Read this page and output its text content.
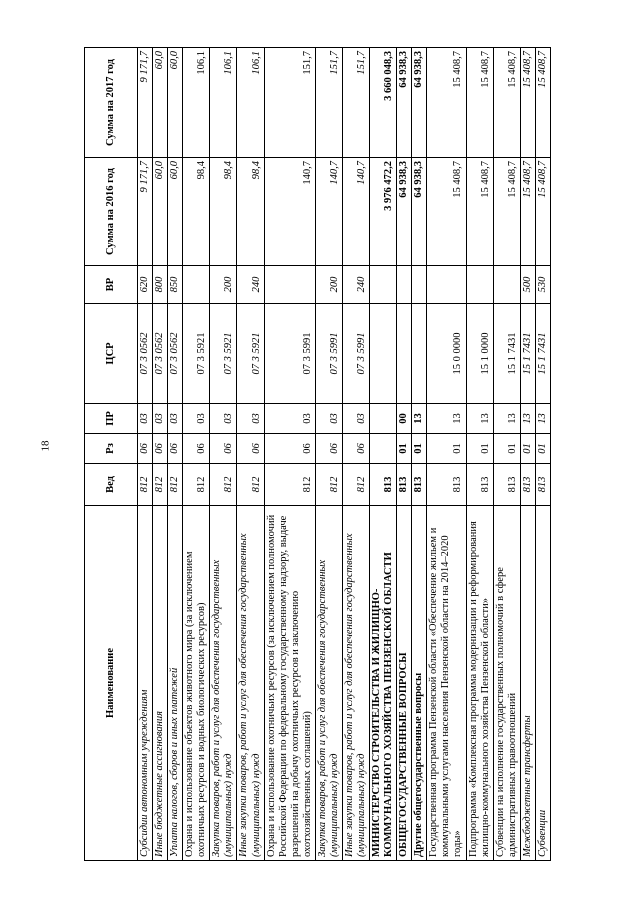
18
Наименование	Вед	Рз	ПР	ЦСР	ВР	Сумма на 2016 год	Сумма на 2017 год
Субсидии автономным учреждениям	812	06	03	07 3 0562	620	9 171,7	9 171,7
Иные бюджетные ассигнования	812	06	03	07 3 0562	800	60,0	60,0
Уплата налогов, сборов и иных платежей	812	06	03	07 3 0562	850	60,0	60,0
Охрана и использование объектов животного мира (за исключением охотничьих ресурсов и водных биологических ресурсов)	812	06	03	07 3 5921		98,4	106,1
Закупка товаров, работ и услуг для обеспечения государственных (муниципальных) нужд	812	06	03	07 3 5921	200	98,4	106,1
Иные закупки товаров, работ и услуг для обеспечения государственных (муниципальных) нужд	812	06	03	07 3 5921	240	98,4	106,1
Охрана и использование охотничьих ресурсов (за исключением полномочий Российской Федерации по федеральному государственному надзору, выдаче разрешений на добычу охотничьих ресурсов и заключению охотхозяйственных соглашений)	812	06	03	07 3 5991		140,7	151,7
Закупка товаров, работ и услуг для обеспечения государственных (муниципальных) нужд	812	06	03	07 3 5991	200	140,7	151,7
Иные закупки товаров, работ и услуг для обеспечения государственных (муниципальных) нужд	812	06	03	07 3 5991	240	140,7	151,7
МИНИСТЕРСТВО СТРОИТЕЛЬСТВА И ЖИЛИЩНО-КОММУНАЛЬНОГО ХОЗЯЙСТВА ПЕНЗЕНСКОЙ ОБЛАСТИ	813					3 976 472,2	3 660 048,3
ОБЩЕГОСУДАРСТВЕННЫЕ ВОПРОСЫ	813	01	00			64 938,3	64 938,3
Другие общегосударственные вопросы	813	01	13			64 938,3	64 938,3
Государственная программа Пензенской области «Обеспечение жильем и коммунальными услугами населения Пензенской области на 2014–2020 годы»	813	01	13	15 0 0000		15 408,7	15 408,7
Подпрограмма «Комплексная программа модернизации и реформирования жилищно-коммунального хозяйства Пензенской области»	813	01	13	15 1 0000		15 408,7	15 408,7
Субвенции на исполнение государственных полномочий в сфере административных правоотношений	813	01	13	15 1 7431		15 408,7	15 408,7
Межбюджетные трансферты	813	01	13	15 1 7431	500	15 408,7	15 408,7
Субвенции	813	01	13	15 1 7431	530	15 408,7	15 408,7
